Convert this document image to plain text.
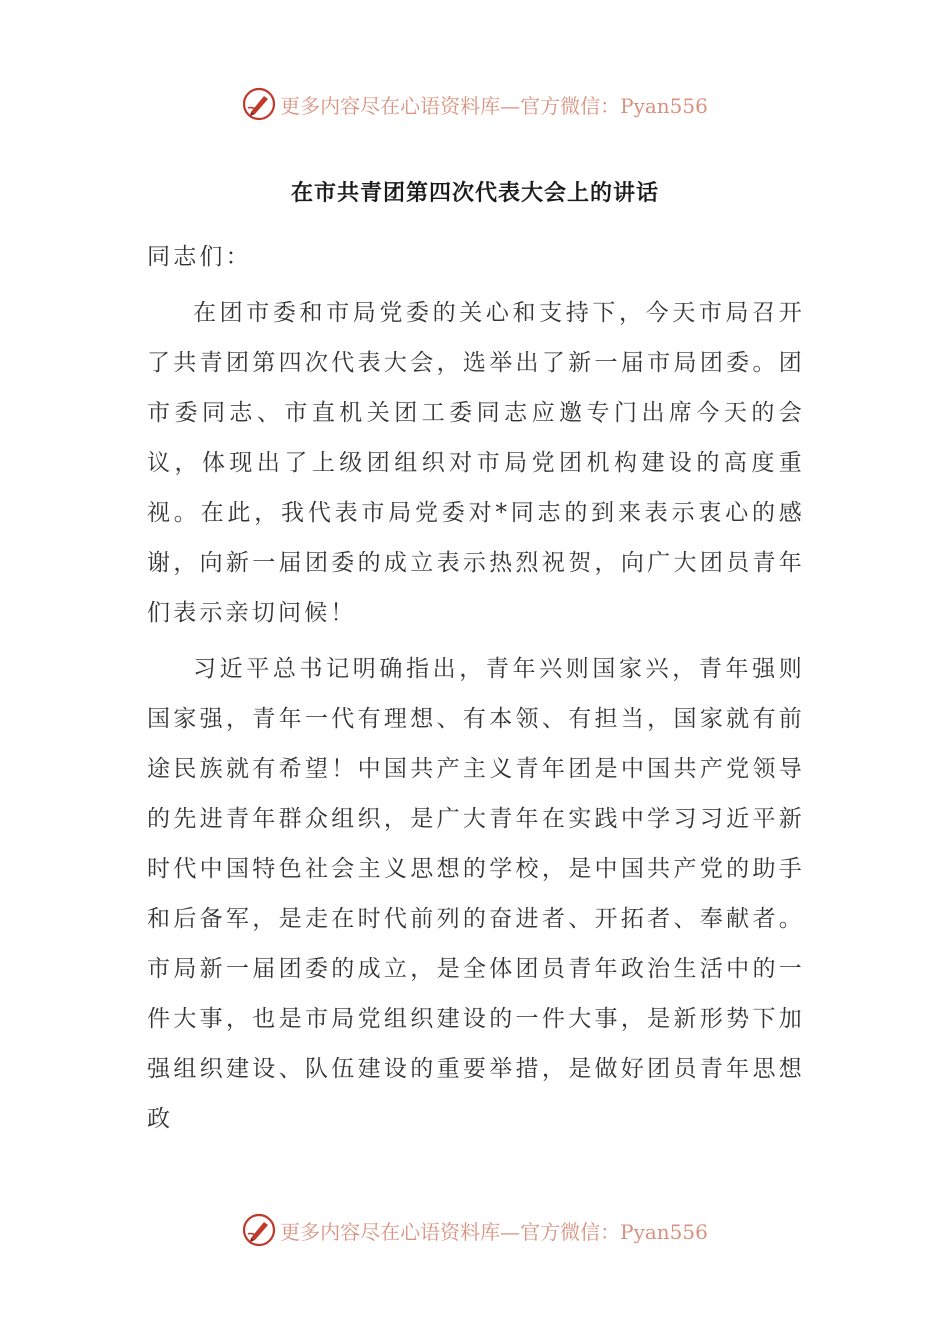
更多内容尽在心语资料库—官方微信：Pyan556
在市共青团第四次代表大会上的讲话

同志们：

在团市委和市局党委的关心和支持下，今天市局召开了共青团第四次代表大会，选举出了新一届市局团委。团市委同志、市直机关团工委同志应邀专门出席今天的会议，体现出了上级团组织对市局党团机构建设的高度重视。在此，我代表市局党委对*同志的到来表示衷心的感谢，向新一届团委的成立表示热烈祝贺，向广大团员青年们表示亲切问候！

习近平总书记明确指出，青年兴则国家兴，青年强则国家强，青年一代有理想、有本领、有担当，国家就有前途民族就有希望！中国共产主义青年团是中国共产党领导的先进青年群众组织，是广大青年在实践中学习习近平新时代中国特色社会主义思想的学校，是中国共产党的助手和后备军，是走在时代前列的奋进者、开拓者、奉献者。市局新一届团委的成立，是全体团员青年政治生活中的一件大事，也是市局党组织建设的一件大事，是新形势下加强组织建设、队伍建设的重要举措，是做好团员青年思想政

更多内容尽在心语资料库—官方微信：Pyan556
